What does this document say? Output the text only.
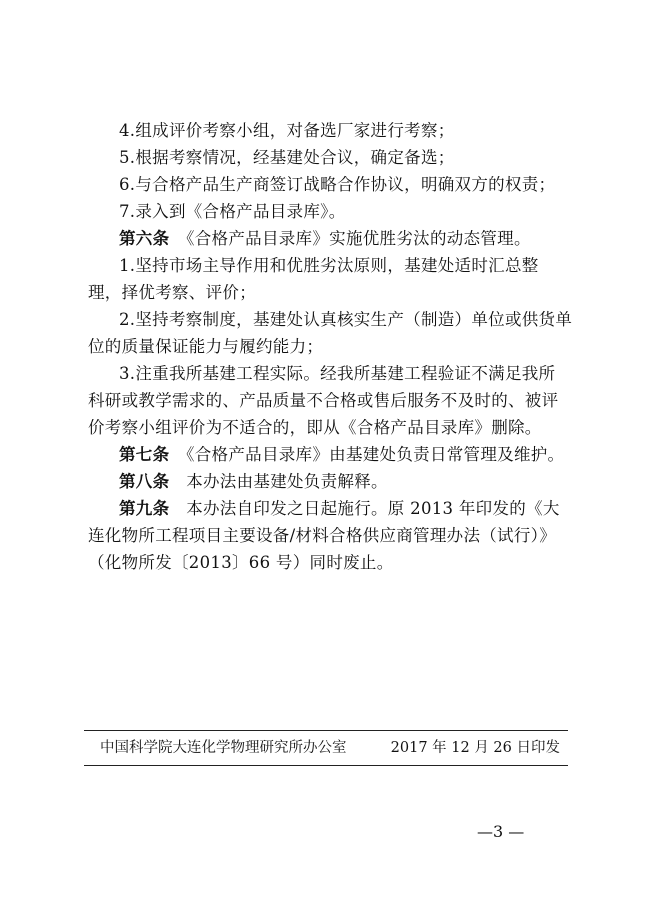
4.组成评价考察小组，对备选厂家进行考察；
5.根据考察情况，经基建处合议，确定备选；
6.与合格产品生产商签订战略合作协议，明确双方的权责；
7.录入到《合格产品目录库》。
第六条　《合格产品目录库》实施优胜劣汰的动态管理。
1.坚持市场主导作用和优胜劣汰原则，基建处适时汇总整
理，择优考察、评价；
2.坚持考察制度，基建处认真核实生产（制造）单位或供货单
位的质量保证能力与履约能力；
3.注重我所基建工程实际。经我所基建工程验证不满足我所
科研或教学需求的、产品质量不合格或售后服务不及时的、被评
价考察小组评价为不适合的，即从《合格产品目录库》删除。
第七条　《合格产品目录库》由基建处负责日常管理及维护。
第八条　本办法由基建处负责解释。
第九条　本办法自印发之日起施行。原 2013 年印发的《大
连化物所工程项目主要设备/材料合格供应商管理办法（试行）》
（化物所发〔2013〕66 号）同时废止。
中国科学院大连化学物理研究所办公室	2017 年 12 月 26 日印发
—3 —
